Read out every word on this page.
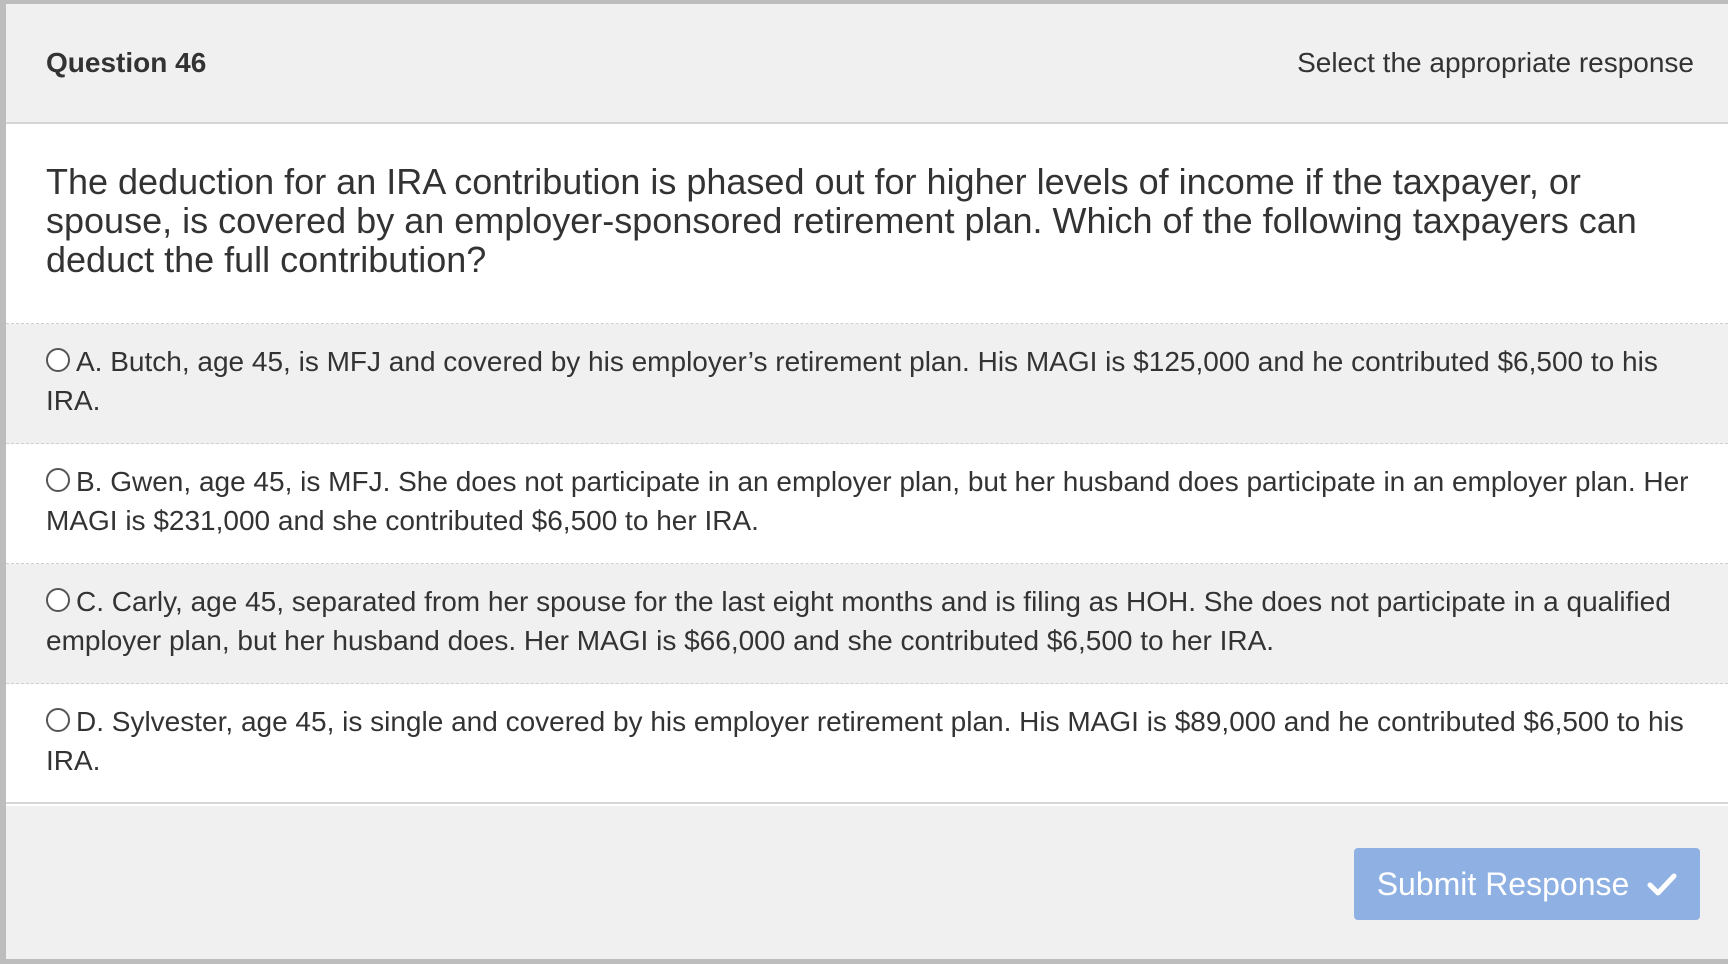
Question 46	Select the appropriate response
The deduction for an IRA contribution is phased out for higher levels of income if the taxpayer, or spouse, is covered by an employer-sponsored retirement plan. Which of the following taxpayers can deduct the full contribution?
A. Butch, age 45, is MFJ and covered by his employer’s retirement plan. His MAGI is $125,000 and he contributed $6,500 to his IRA.
B. Gwen, age 45, is MFJ. She does not participate in an employer plan, but her husband does participate in an employer plan. Her MAGI is $231,000 and she contributed $6,500 to her IRA.
C. Carly, age 45, separated from her spouse for the last eight months and is filing as HOH. She does not participate in a qualified employer plan, but her husband does. Her MAGI is $66,000 and she contributed $6,500 to her IRA.
D. Sylvester, age 45, is single and covered by his employer retirement plan. His MAGI is $89,000 and he contributed $6,500 to his IRA.
Submit Response
